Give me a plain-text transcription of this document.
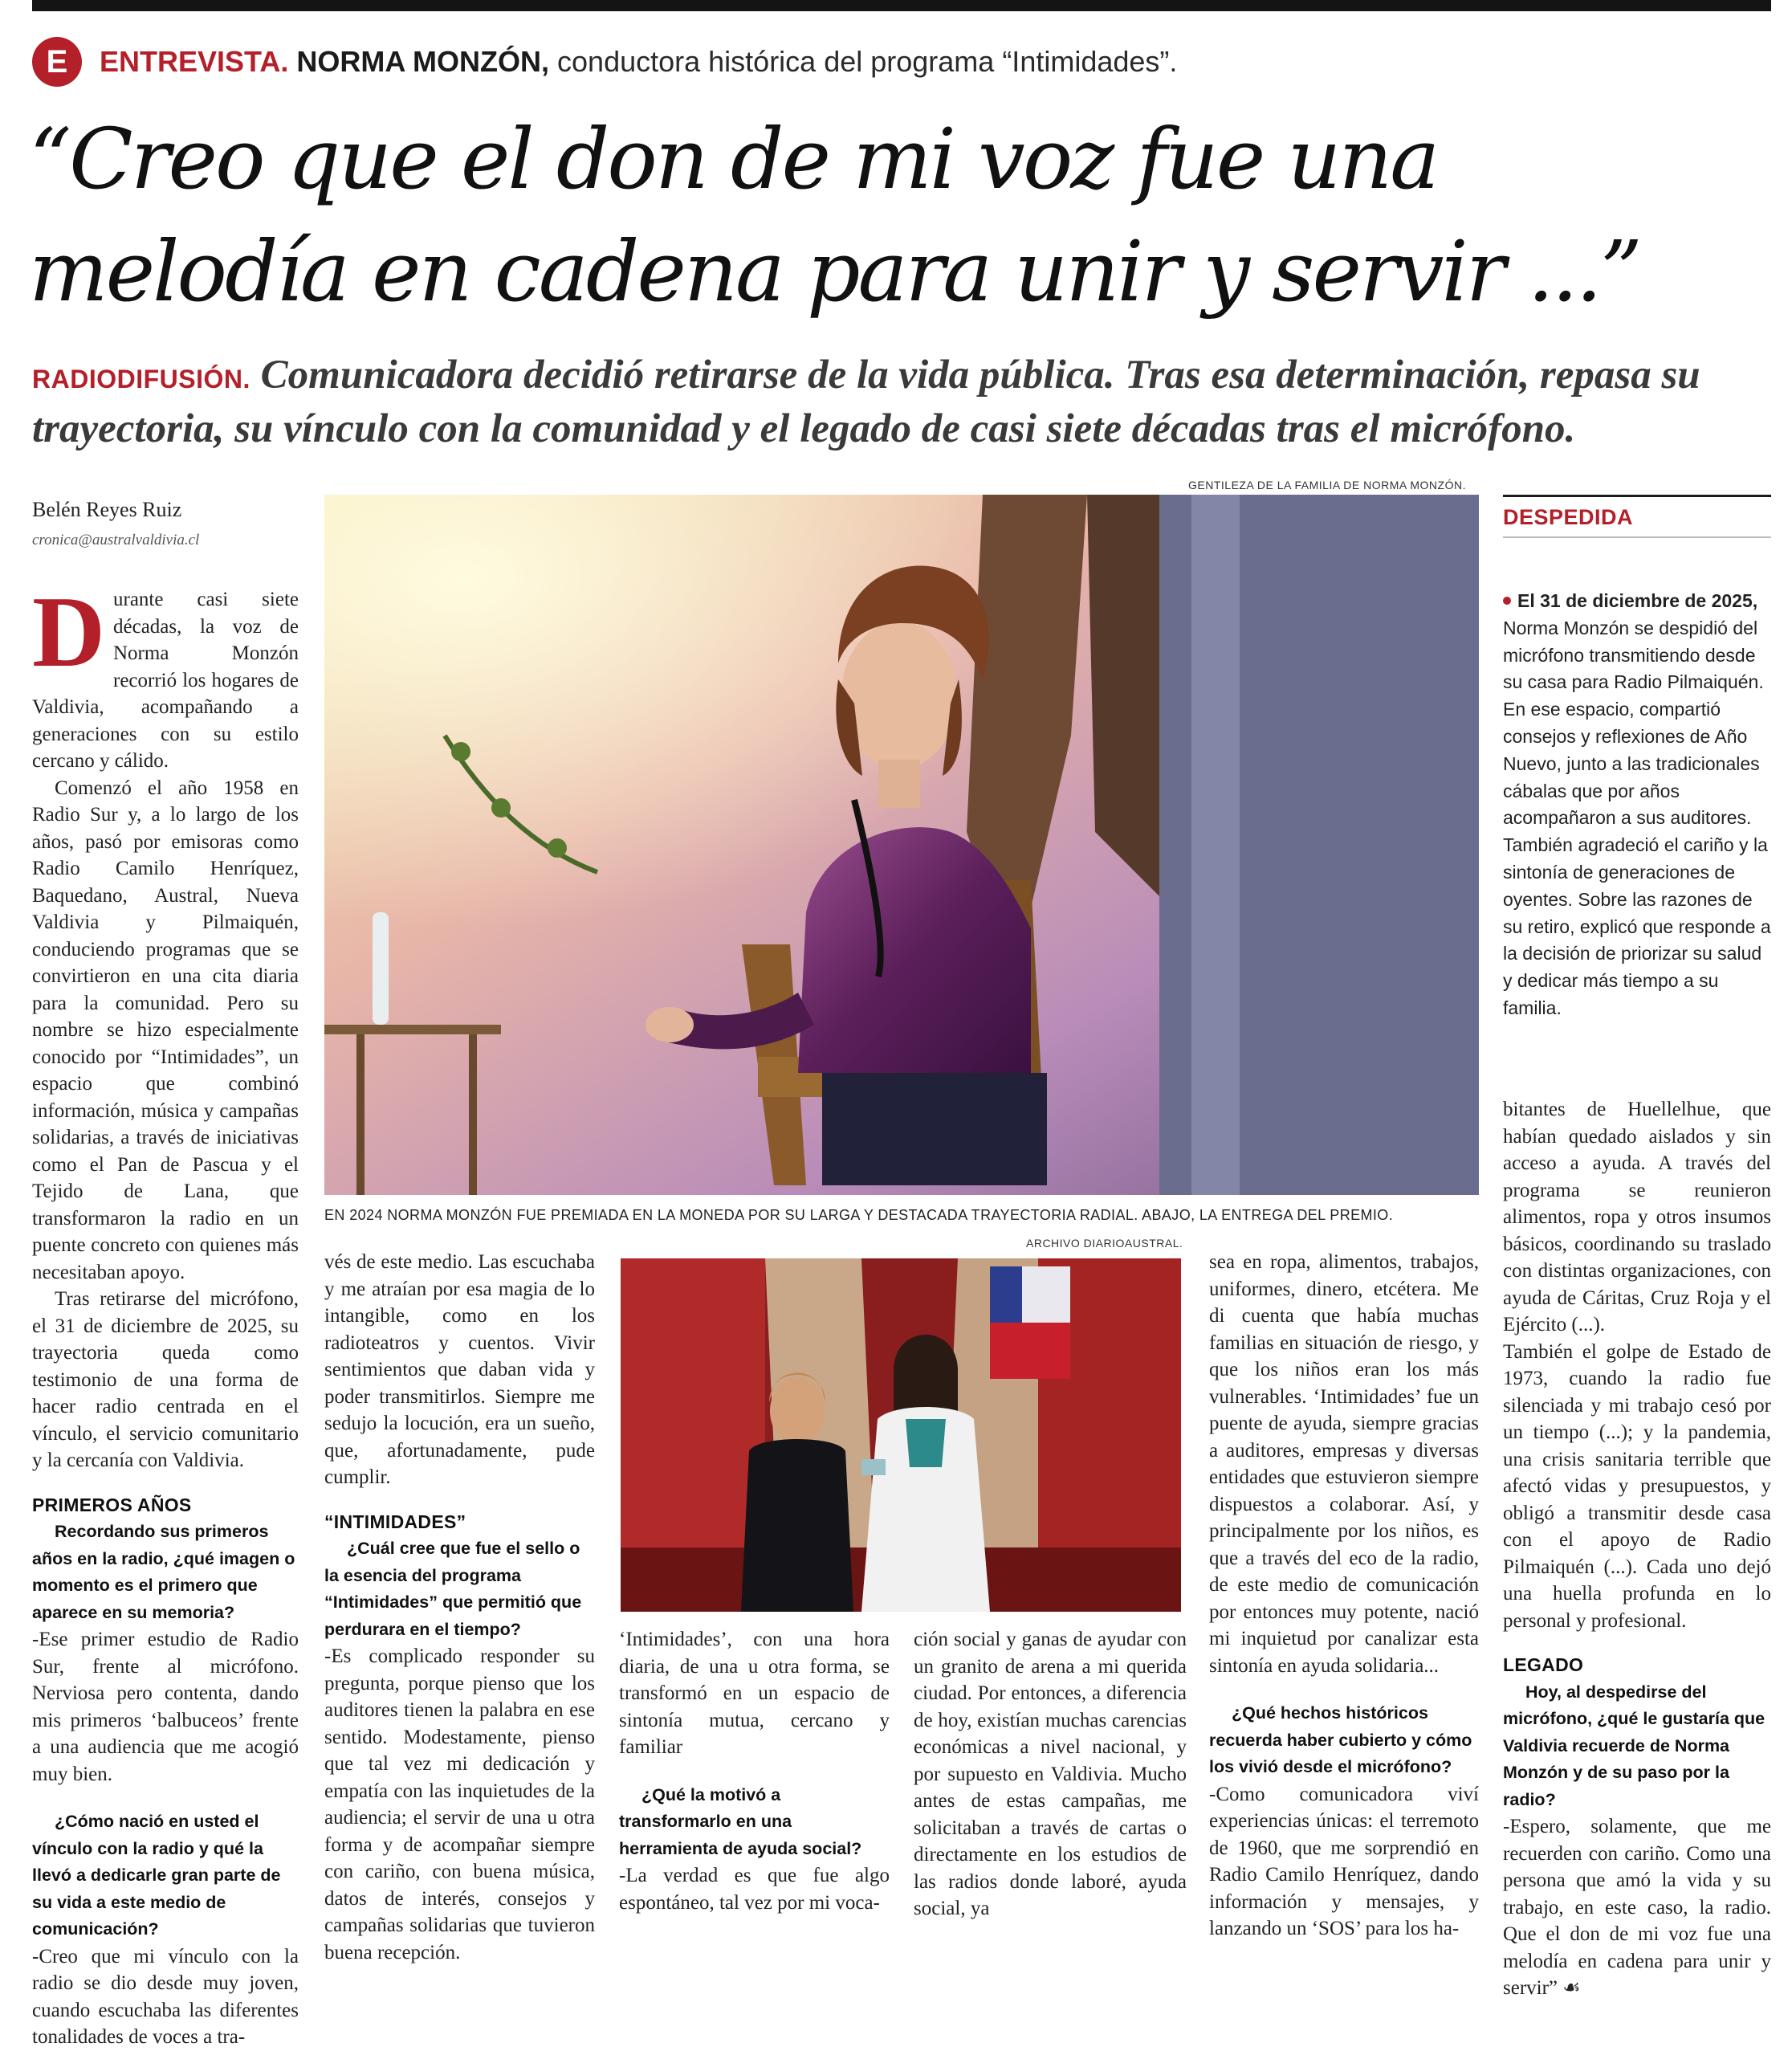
E	ENTREVISTA. NORMA MONZÓN, conductora histórica del programa “Intimidades”.
“Creo que el don de mi voz fue una
melodía en cadena para unir y servir ...”
RADIODIFUSIÓN. Comunicadora decidió retirarse de la vida pública. Tras esa determinación, repasa su trayectoria, su vínculo con la comunidad y el legado de casi siete décadas tras el micrófono.
Belén Reyes Ruiz
cronica@australvaldivia.cl

Durante casi siete décadas, la voz de Norma Monzón recorrió los hogares de Valdivia, acompañando a generaciones con su estilo cercano y cálido.

Comenzó el año 1958 en Radio Sur y, a lo largo de los años, pasó por emisoras como Radio Camilo Henríquez, Baquedano, Austral, Nueva Valdivia y Pilmaiquén, conduciendo programas que se convirtieron en una cita diaria para la comunidad. Pero su nombre se hizo especialmente conocido por “Intimidades”, un espacio que combinó información, música y campañas solidarias, a través de iniciativas como el Pan de Pascua y el Tejido de Lana, que transformaron la radio en un puente concreto con quienes más necesitaban apoyo.

Tras retirarse del micrófono, el 31 de diciembre de 2025, su trayectoria queda como testimonio de una forma de hacer radio centrada en el vínculo, el servicio comunitario y la cercanía con Valdivia.

PRIMEROS AÑOS

Recordando sus primeros años en la radio, ¿qué imagen o momento es el primero que aparece en su memoria?

-Ese primer estudio de Radio Sur, frente al micrófono. Nerviosa pero contenta, dando mis primeros ‘balbuceos’ frente a una audiencia que me acogió muy bien.

¿Cómo nació en usted el vínculo con la radio y qué la llevó a dedicarle gran parte de su vida a este medio de comunicación?

-Creo que mi vínculo con la radio se dio desde muy joven, cuando escuchaba las diferentes tonalidades de voces a tra-

vés de este medio. Las escuchaba y me atraían por esa magia de lo intangible, como en los radioteatros y cuentos. Vivir sentimientos que daban vida y poder transmitirlos. Siempre me sedujo la locución, era un sueño, que, afortunadamente, pude cumplir.

“INTIMIDADES”

¿Cuál cree que fue el sello o la esencia del programa “Intimidades” que permitió que perdurara en el tiempo?

-Es complicado responder su pregunta, porque pienso que los auditores tienen la palabra en ese sentido. Modestamente, pienso que tal vez mi dedicación y empatía con las inquietudes de la audiencia; el servir de una u otra forma y de acompañar siempre con cariño, con buena música, datos de interés, consejos y campañas solidarias que tuvieron buena recepción.

‘Intimidades’, con una hora diaria, de una u otra forma, se transformó en un espacio de sintonía mutua, cercano y familiar

¿Qué la motivó a transformarlo en una herramienta de ayuda social?

-La verdad es que fue algo espontáneo, tal vez por mi voca-

ción social y ganas de ayudar con un granito de arena a mi querida ciudad. Por entonces, a diferencia de hoy, existían muchas carencias económicas a nivel nacional, y por supuesto en Valdivia. Mucho antes de estas campañas, me solicitaban a través de cartas o directamente en los estudios de las radios donde laboré, ayuda social, ya

sea en ropa, alimentos, trabajos, uniformes, dinero, etcétera. Me di cuenta que había muchas familias en situación de riesgo, y que los niños eran los más vulnerables. ‘Intimidades’ fue un puente de ayuda, siempre gracias a auditores, empresas y diversas entidades que estuvieron siempre dispuestos a colaborar. Así, y principalmente por los niños, es que a través del eco de la radio, de este medio de comunicación por entonces muy potente, nació mi inquietud por canalizar esta sintonía en ayuda solidaria...

¿Qué hechos históricos recuerda haber cubierto y cómo los vivió desde el micrófono?

-Como comunicadora viví experiencias únicas: el terremoto de 1960, que me sorprendió en Radio Camilo Henríquez, dando información y mensajes, y lanzando un ‘SOS’ para los ha-

bitantes de Huellelhue, que habían quedado aislados y sin acceso a ayuda. A través del programa se reunieron alimentos, ropa y otros insumos básicos, coordinando su traslado con distintas organizaciones, con ayuda de Cáritas, Cruz Roja y el Ejército (...).

También el golpe de Estado de 1973, cuando la radio fue silenciada y mi trabajo cesó por un tiempo (...); y la pandemia, una crisis sanitaria terrible que afectó vidas y presupuestos, y obligó a transmitir desde casa con el apoyo de Radio Pilmaiquén (...). Cada uno dejó una huella profunda en lo personal y profesional.

LEGADO

Hoy, al despedirse del micrófono, ¿qué le gustaría que Valdivia recuerde de Norma Monzón y de su paso por la radio?

-Espero, solamente, que me recuerden con cariño. Como una persona que amó la vida y su trabajo, en este caso, la radio. Que el don de mi voz fue una melodía en cadena para unir y servir” ☙

GENTILEZA DE LA FAMILIA DE NORMA MONZÓN.
EN 2024 NORMA MONZÓN FUE PREMIADA EN LA MONEDA POR SU LARGA Y DESTACADA TRAYECTORIA RADIAL. ABAJO, LA ENTREGA DEL PREMIO.
ARCHIVO DIARIOAUSTRAL.
DESPEDIDA
El 31 de diciembre de 2025, Norma Monzón se despidió del micrófono transmitiendo desde su casa para Radio Pilmaiquén. En ese espacio, compartió consejos y reflexiones de Año Nuevo, junto a las tradicionales cábalas que por años acompañaron a sus auditores. También agradeció el cariño y la sintonía de generaciones de oyentes. Sobre las razones de su retiro, explicó que responde a la decisión de priorizar su salud y dedicar más tiempo a su familia.
